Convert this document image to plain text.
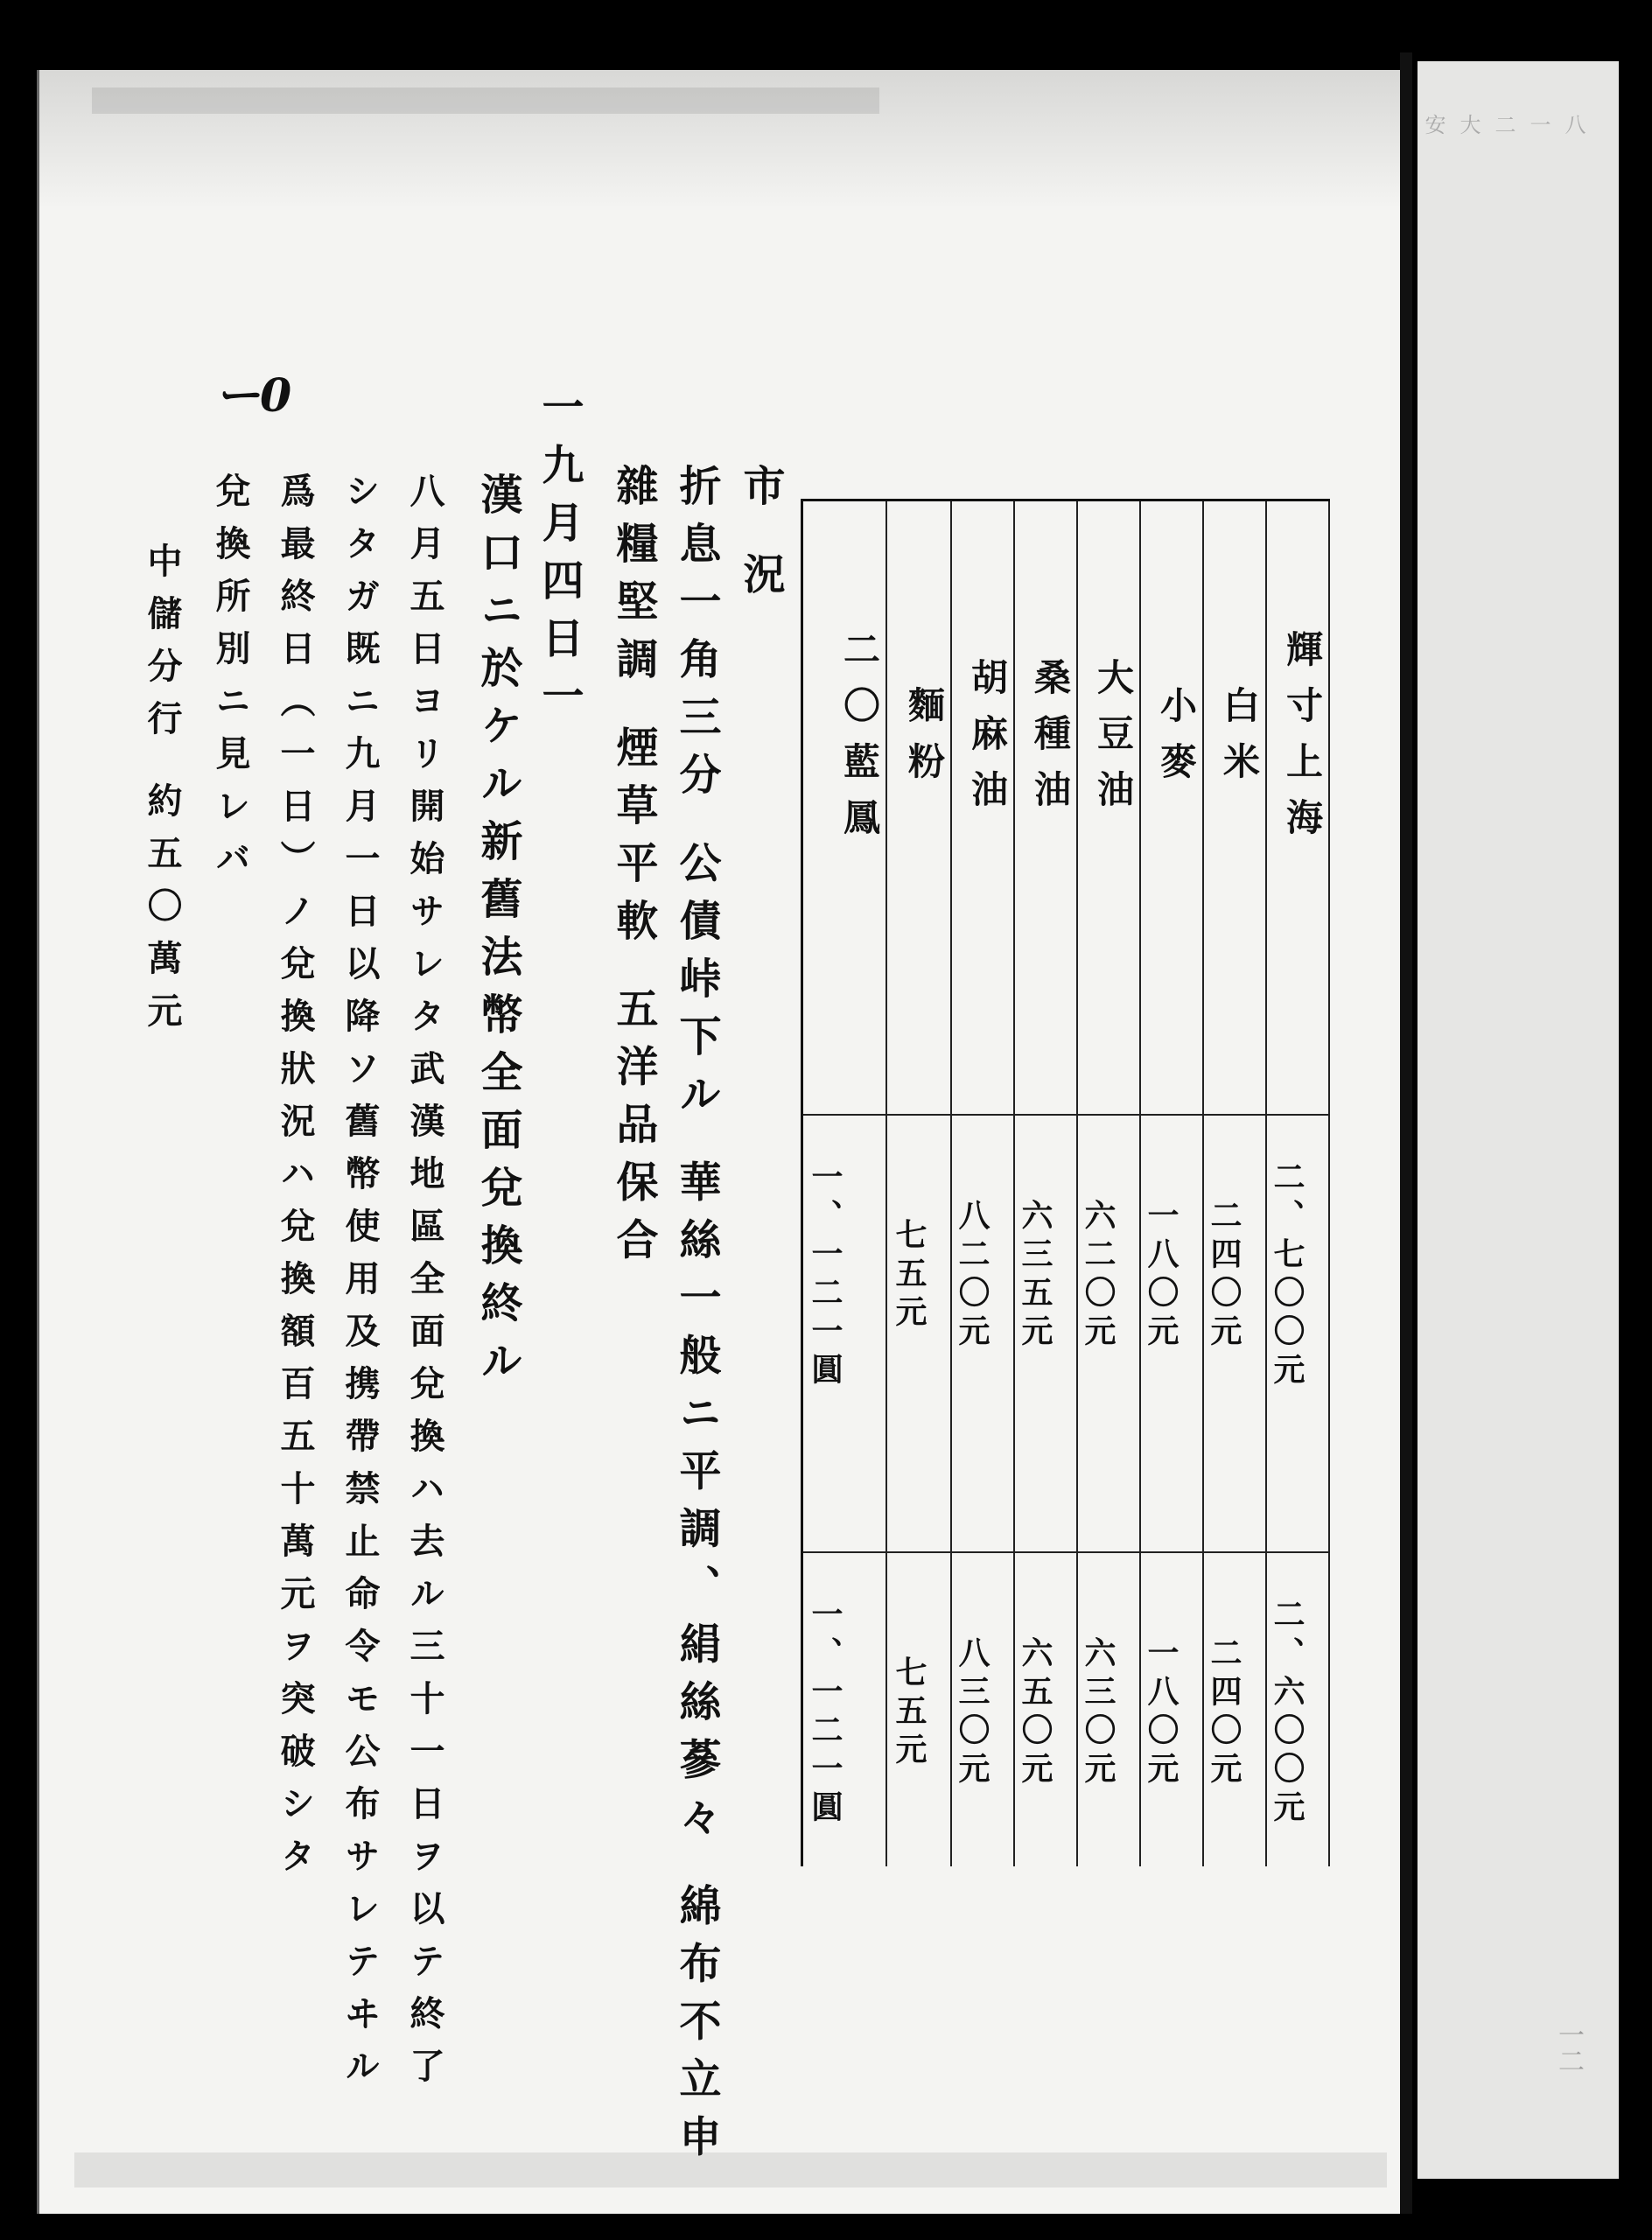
ー0
市 況
折息一角三分 公債峠下ル 華絲一般ニ平調、絹絲蔘々 綿布不立申
雜糧堅調 煙草平軟 五洋品保合
一九月四日一
漢口ニ於ケル新舊法幣全面兌換終ル
八月五日ヨリ開始サレタ武漢地區全面兌換ハ去ル三十一日ヲ以テ終了
シタガ既ニ九月一日以降ソ舊幣使用及携帶禁止命令モ公布サレテヰル
爲最終日（一日）ノ兌換狀況ハ兌換額百五十萬元ヲ突破シタ
兌換所別ニ見レバ
中儲分行 約五〇萬元	輝寸上海
二、七〇〇元
二、六〇〇元
白米
二四〇元
二四〇元
小麥
一八〇元
一八〇元
大豆油
六二〇元
六三〇元
桑種油
六三五元
六五〇元
胡麻油
八二〇元
八三〇元
麵粉
七五元
七五元
二〇藍鳳
一、一二一圓
一、一二一圓
八
一
二
大
安
一二
